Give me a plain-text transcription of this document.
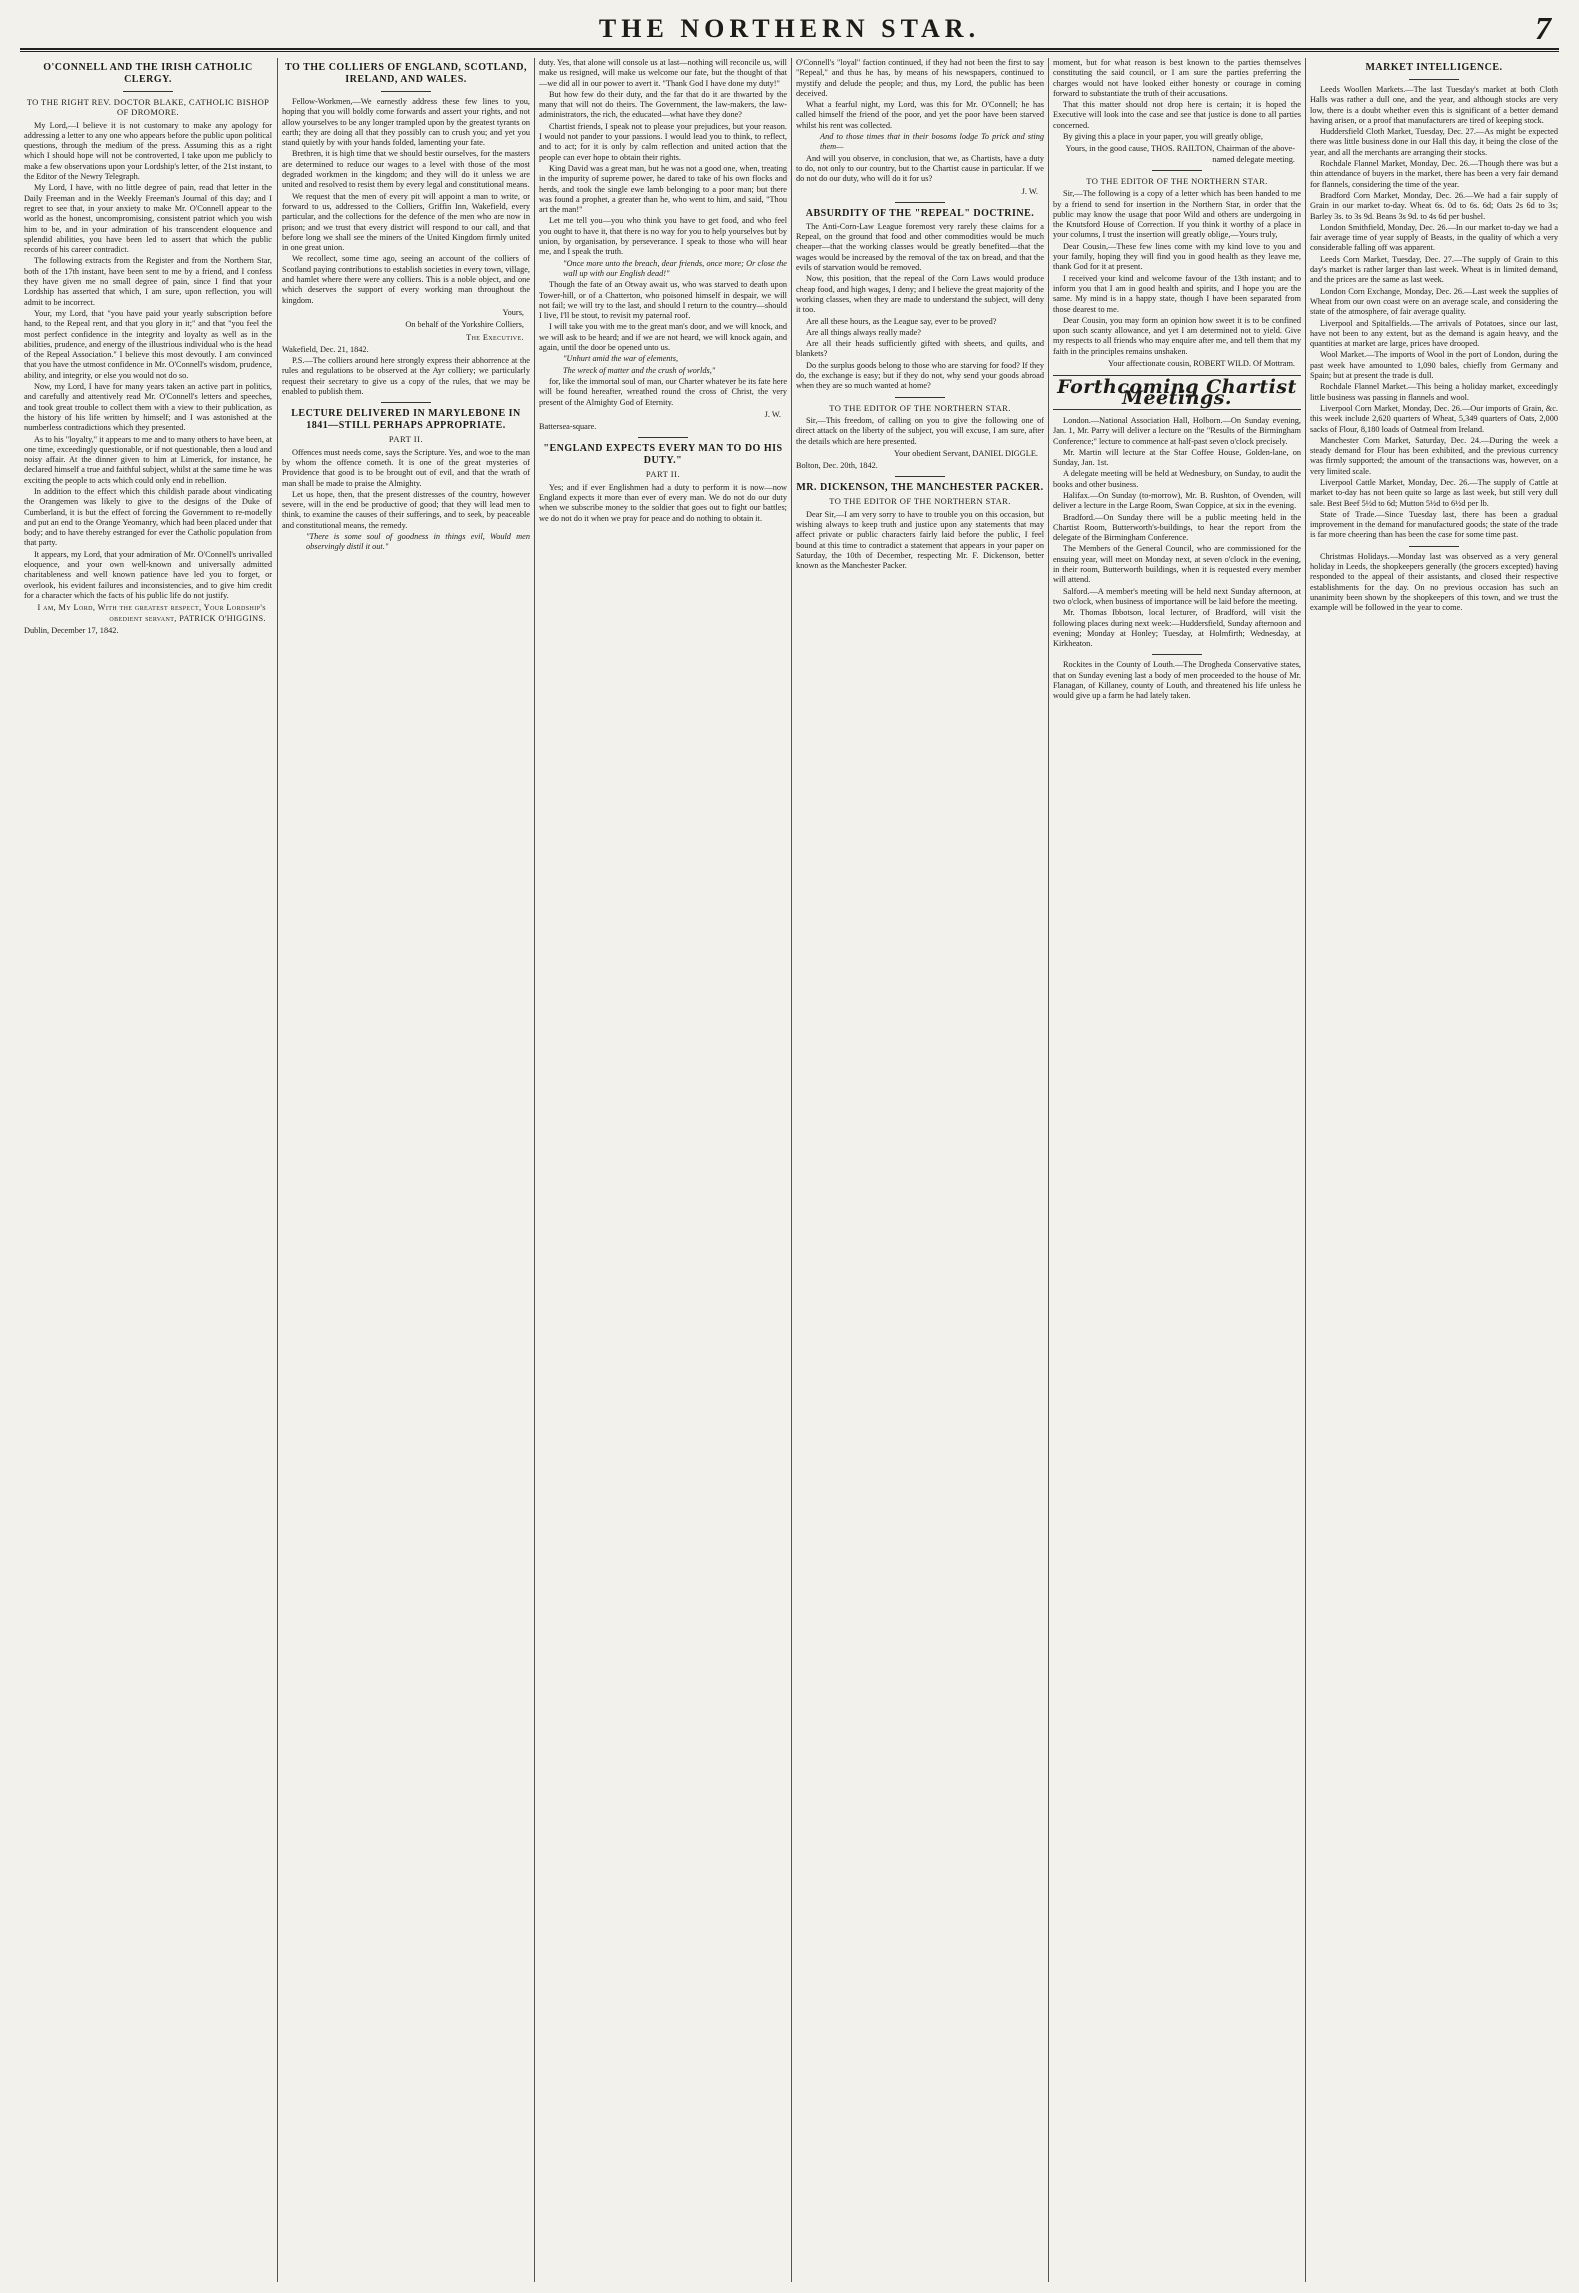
THE NORTHERN STAR.	7
O'CONNELL AND THE IRISH CATHOLIC CLERGY.
TO THE RIGHT REV. DOCTOR BLAKE, CATHOLIC BISHOP OF DROMORE.

My Lord,—I believe it is not customary to make any apology for addressing a letter to any one who appears before the public upon political questions, through the medium of the press. Assuming this as a right which I should hope will not be controverted, I take upon me publicly to make a few observations upon your Lordship's letter, of the 21st instant, to the Editor of the Newry Telegraph.

My Lord, I have, with no little degree of pain, read that letter in the Daily Freeman and in the Weekly Freeman's Journal of this day; and I regret to see that, in your anxiety to make Mr. O'Connell appear to the world as the honest, uncompromising, consistent patriot which you wish him to be, and in your admiration of his transcendent eloquence and splendid abilities, you have been led to assert that which the public records of his career contradict.

The following extracts from the Register and from the Northern Star, both of the 17th instant, have been sent to me by a friend, and I confess they have given me no small degree of pain, since I find that your Lordship has asserted that which, I am sure, upon reflection, you will admit to be incorrect.

Your, my Lord, that "you have paid your yearly subscription before hand, to the Repeal rent, and that you glory in it;" and that "you feel the most perfect confidence in the integrity and loyalty as well as in the abilities, prudence, and energy of the illustrious individual who is the head of the Repeal Association." I believe this most devoutly. I am convinced that you have the utmost confidence in Mr. O'Connell's wisdom, prudence, ability, and integrity, or else you would not do so.

Now, my Lord, I have for many years taken an active part in politics, and carefully and attentively read Mr. O'Connell's letters and speeches, and took great trouble to collect them with a view to their publication, as the history of his life written by himself; and I was astonished at the numberless contradictions which they presented.

As to his "loyalty," it appears to me and to many others to have been, at one time, exceedingly questionable, or if not questionable, then a loud and noisy affair. At the dinner given to him at Limerick, for instance, he declared himself a true and faithful subject, whilst at the same time he was exciting the people to acts which could only end in rebellion.

In addition to the effect which this childish parade about vindicating the Orangemen was likely to give to the designs of the Duke of Cumberland, it is but the effect of forcing the Government to re-modelly and put an end to the Orange Yeomanry, which had been placed under that body; and to have thereby estranged for ever the Catholic population from that party.

It appears, my Lord, that your admiration of Mr. O'Connell's unrivalled eloquence, and your own well-known and universally admitted charitableness and well known patience have led you to forget, or overlook, his evident failures and inconsistencies, and to give him credit for a character which the facts of his public life do not justify.

I am, My Lord, With the greatest respect, Your Lordship's obedient servant, PATRICK O'HIGGINS.

Dublin, December 17, 1842.

TO THE COLLIERS OF ENGLAND, SCOTLAND, IRELAND, AND WALES.

Fellow-Workmen,—We earnestly address these few lines to you, hoping that you will boldly come forwards and assert your rights, and not allow yourselves to be any longer trampled upon by the greatest tyrants on earth; they are doing all that they possibly can to crush you; and yet you stand quietly by with your hands folded, lamenting your fate.

Brethren, it is high time that we should bestir ourselves, for the masters are determined to reduce our wages to a level with those of the most degraded workmen in the kingdom; and they will do it unless we are united and resolved to resist them by every legal and constitutional means.

We request that the men of every pit will appoint a man to write, or forward to us, addressed to the Colliers, Griffin Inn, Wakefield, every particular, and the collections for the defence of the men who are now in prison; and we trust that every district will respond to our call, and that before long we shall see the miners of the United Kingdom firmly united in one great union.

We recollect, some time ago, seeing an account of the colliers of Scotland paying contributions to establish societies in every town, village, and hamlet where there were any colliers. This is a noble object, and one which deserves the support of every working man throughout the kingdom.

Yours,
On behalf of the Yorkshire Colliers,
The Executive.

Wakefield, Dec. 21, 1842.

P.S.—The colliers around here strongly express their abhorrence at the rules and regulations to be observed at the Ayr colliery; we particularly request their secretary to give us a copy of the rules, that we may be enabled to publish them.

LECTURE DELIVERED IN MARYLEBONE IN 1841—STILL PERHAPS APPROPRIATE.
PART II.

Offences must needs come, says the Scripture. Yes, and woe to the man by whom the offence cometh. It is one of the great mysteries of Providence that good is to be brought out of evil, and that the wrath of man shall be made to praise the Almighty.

Let us hope, then, that the present distresses of the country, however severe, will in the end be productive of good; that they will lead men to think, to examine the causes of their sufferings, and to seek, by peaceable and constitutional means, the remedy.

"There is some soul of goodness in things evil, Would men observingly distil it out."

duty. Yes, that alone will console us at last—nothing will reconcile us, will make us resigned, will make us welcome our fate, but the thought of that—we did all in our power to avert it. "Thank God I have done my duty!"

But how few do their duty, and the far that do it are thwarted by the many that will not do theirs. The Government, the law-makers, the law-administrators, the rich, the educated—what have they done?

Chartist friends, I speak not to please your prejudices, but your reason. I would not pander to your passions. I would lead you to think, to reflect, and to act; for it is only by calm reflection and united action that the people can ever hope to obtain their rights.

King David was a great man, but he was not a good one, when, treating in the impurity of supreme power, he dared to take of his own flocks and herds, and took the single ewe lamb belonging to a poor man; but there was found a prophet, a greater than he, who went to him, and said, "Thou art the man!"

Let me tell you—you who think you have to get food, and who feel you ought to have it, that there is no way for you to help yourselves but by union, by organisation, by perseverance. I speak to those who will hear me, and I speak the truth.

"Once more unto the breach, dear friends, once more; Or close the wall up with our English dead!"

Though the fate of an Otway await us, who was starved to death upon Tower-hill, or of a Chatterton, who poisoned himself in despair, we will not fail; we will try to the last, and should I return to the country—should I live, I'll be stout, to revisit my paternal roof.

I will take you with me to the great man's door, and we will knock, and we will ask to be heard; and if we are not heard, we will knock again, and again, until the door be opened unto us.

"Unhurt amid the war of elements,

The wreck of matter and the crush of worlds,"

for, like the immortal soul of man, our Charter whatever be its fate here will be found hereafter, wreathed round the cross of Christ, the very present of the Almighty God of Eternity.

J. W.

Battersea-square.

"ENGLAND EXPECTS EVERY MAN TO DO HIS DUTY."
PART II.

Yes; and if ever Englishmen had a duty to perform it is now—now England expects it more than ever of every man. We do not do our duty when we subscribe money to the soldier that goes out to fight our battles; we do not do it when we pray for peace and do nothing to obtain it.

O'Connell's "loyal" faction continued, if they had not been the first to say "Repeal," and thus he has, by means of his newspapers, continued to mystify and delude the people; and thus, my Lord, the public has been deceived.

What a fearful night, my Lord, was this for Mr. O'Connell; he has called himself the friend of the poor, and yet the poor have been starved whilst his rent was collected.

And to those times that in their bosoms lodge To prick and sting them—

And will you observe, in conclusion, that we, as Chartists, have a duty to do, not only to our country, but to the Chartist cause in particular. If we do not do our duty, who will do it for us?

J. W.
ABSURDITY OF THE "REPEAL" DOCTRINE.

The Anti-Corn-Law League foremost very rarely these claims for a Repeal, on the ground that food and other commodities would be much cheaper—that the working classes would be greatly benefited—that the wages would be increased by the removal of the tax on bread, and that the evils of starvation would be removed.

Now, this position, that the repeal of the Corn Laws would produce cheap food, and high wages, I deny; and I believe the great majority of the working classes, when they are made to understand the subject, will deny it too.

Are all these hours, as the League say, ever to be proved?

Are all things always really made?

Are all their heads sufficiently gifted with sheets, and quilts, and blankets?

Do the surplus goods belong to those who are starving for food? If they do, the exchange is easy; but if they do not, why send your goods abroad when they are so much wanted at home?

TO THE EDITOR OF THE NORTHERN STAR.

Sir,—This freedom, of calling on you to give the following one of direct attack on the liberty of the subject, you will excuse, I am sure, after the details which are here presented.

Your obedient Servant, DANIEL DIGGLE.

Bolton, Dec. 20th, 1842.

MR. DICKENSON, THE MANCHESTER PACKER.
TO THE EDITOR OF THE NORTHERN STAR.

Dear Sir,—I am very sorry to have to trouble you on this occasion, but wishing always to keep truth and justice upon any statements that may affect private or public characters fairly laid before the public, I feel bound at this time to contradict a statement that appears in your paper on Saturday, the 10th of December, respecting Mr. F. Dickenson, better known as the Manchester Packer.

moment, but for what reason is best known to the parties themselves constituting the said council, or I am sure the parties preferring the charges would not have looked either honesty or courage in coming forward to substantiate the truth of their accusations.

That this matter should not drop here is certain; it is hoped the Executive will look into the case and see that justice is done to all parties concerned.

By giving this a place in your paper, you will greatly oblige,

Yours, in the good cause, THOS. RAILTON, Chairman of the above-named delegate meeting.
TO THE EDITOR OF THE NORTHERN STAR.

Sir,—The following is a copy of a letter which has been handed to me by a friend to send for insertion in the Northern Star, in order that the public may know the usage that poor Wild and others are undergoing in the Knutsford House of Correction. If you think it worthy of a place in your columns, I trust the insertion will greatly oblige,—Yours truly,

Dear Cousin,—These few lines come with my kind love to you and your family, hoping they will find you in good health as they leave me, thank God for it at present.

I received your kind and welcome favour of the 13th instant; and to inform you that I am in good health and spirits, and I hope you are the same. My mind is in a happy state, though I have been separated from those dearest to me.

Dear Cousin, you may form an opinion how sweet it is to be confined upon such scanty allowance, and yet I am determined not to yield. Give my respects to all friends who may enquire after me, and tell them that my faith in the principles remains unshaken.

Your affectionate cousin, ROBERT WILD. Of Mottram.
Forthcoming Chartist Meetings.

London.—National Association Hall, Holborn.—On Sunday evening, Jan. 1, Mr. Parry will deliver a lecture on the "Results of the Birmingham Conference;" lecture to commence at half-past seven o'clock precisely.

Mr. Martin will lecture at the Star Coffee House, Golden-lane, on Sunday, Jan. 1st.

A delegate meeting will be held at Wednesbury, on Sunday, to audit the books and other business.

Halifax.—On Sunday (to-morrow), Mr. B. Rushton, of Ovenden, will deliver a lecture in the Large Room, Swan Coppice, at six in the evening.

Bradford.—On Sunday there will be a public meeting held in the Chartist Room, Butterworth's-buildings, to hear the report from the delegate of the Birmingham Conference.

The Members of the General Council, who are commissioned for the ensuing year, will meet on Monday next, at seven o'clock in the evening, in their room, Butterworth buildings, when it is requested every member will attend.

Salford.—A member's meeting will be held next Sunday afternoon, at two o'clock, when business of importance will be laid before the meeting.

Mr. Thomas Ibbotson, local lecturer, of Bradford, will visit the following places during next week:—Huddersfield, Sunday afternoon and evening; Monday at Honley; Tuesday, at Holmfirth; Wednesday, at Kirkheaton.

Rockites in the County of Louth.—The Drogheda Conservative states, that on Sunday evening last a body of men proceeded to the house of Mr. Flanagan, of Killaney, county of Louth, and threatened his life unless he would give up a farm he had lately taken.

MARKET INTELLIGENCE.

Leeds Woollen Markets.—The last Tuesday's market at both Cloth Halls was rather a dull one, and the year, and although stocks are very low, there is a doubt whether even this is significant of a better demand having arisen, or a proof that manufacturers are tired of keeping stock.

Huddersfield Cloth Market, Tuesday, Dec. 27.—As might be expected there was little business done in our Hall this day, it being the close of the year, and all the merchants are arranging their stocks.

Rochdale Flannel Market, Monday, Dec. 26.—Though there was but a thin attendance of buyers in the market, there has been a very fair demand for flannels, considering the time of the year.

Bradford Corn Market, Monday, Dec. 26.—We had a fair supply of Grain in our market to-day. Wheat 6s. 0d to 6s. 6d; Oats 2s 6d to 3s; Barley 3s. to 3s 9d. Beans 3s 9d. to 4s 6d per bushel.

London Smithfield, Monday, Dec. 26.—In our market to-day we had a fair average time of year supply of Beasts, in the quality of which a very considerable falling off was apparent.

Leeds Corn Market, Tuesday, Dec. 27.—The supply of Grain to this day's market is rather larger than last week. Wheat is in limited demand, and the prices are the same as last week.

London Corn Exchange, Monday, Dec. 26.—Last week the supplies of Wheat from our own coast were on an average scale, and considering the state of the atmosphere, of fair average quality.

Liverpool and Spitalfields.—The arrivals of Potatoes, since our last, have not been to any extent, but as the demand is again heavy, and the quantities at market are large, prices have drooped.

Wool Market.—The imports of Wool in the port of London, during the past week have amounted to 1,090 bales, chiefly from Germany and Spain; but at present the trade is dull.

Rochdale Flannel Market.—This being a holiday market, exceedingly little business was passing in flannels and wool.

Liverpool Corn Market, Monday, Dec. 26.—Our imports of Grain, &c. this week include 2,620 quarters of Wheat, 5,349 quarters of Oats, 2,000 sacks of Flour, 8,180 loads of Oatmeal from Ireland.

Manchester Corn Market, Saturday, Dec. 24.—During the week a steady demand for Flour has been exhibited, and the previous currency was firmly supported; the amount of the transactions was, however, on a very limited scale.

Liverpool Cattle Market, Monday, Dec. 26.—The supply of Cattle at market to-day has not been quite so large as last week, but still very dull sale. Best Beef 5½d to 6d; Mutton 5½d to 6½d per lb.

State of Trade.—Since Tuesday last, there has been a gradual improvement in the demand for manufactured goods; the state of the trade is far more cheering than has been the case for some time past.

Christmas Holidays.—Monday last was observed as a very general holiday in Leeds, the shopkeepers generally (the grocers excepted) having responded to the appeal of their assistants, and closed their respective establishments for the day. On no previous occasion has such an unanimity been shown by the shopkeepers of this town, and we trust the example will be followed in the year to come.
